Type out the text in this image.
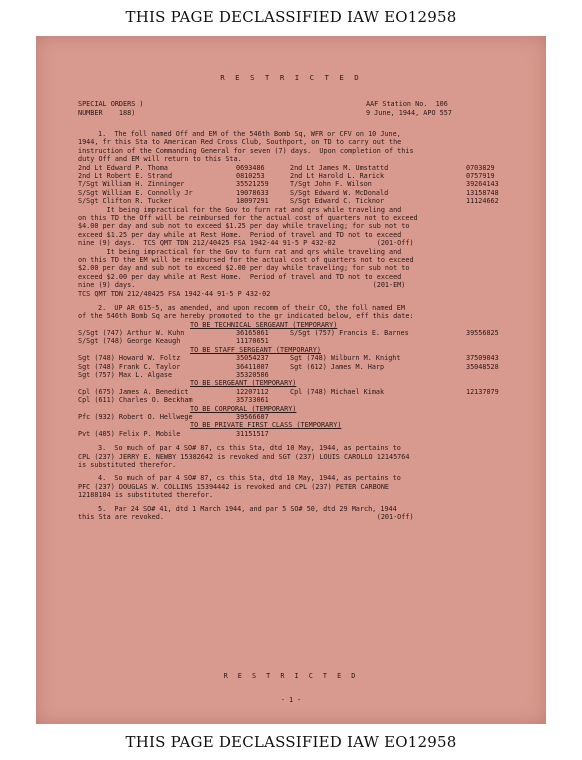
THIS PAGE DECLASSIFIED IAW EO12958
R E S T R I C T E D
SPECIAL ORDERS )
NUMBER    188)
AAF Station No.  106
9 June, 1944, APO 557
1.  The foll named Off and EM of the 546th Bomb Sq, WFR or CFV on 10 June,
1944, fr this Sta to American Red Cross Club, Southport, on TD to carry out the
instruction of the Commanding General for seven (7) days.  Upon completion of this
duty Off and EM will return to this Sta.
2nd Lt Edward P. Thoma	0693486	2nd Lt James M. Umstattd	0703829
2nd Lt Robert E. Strand	0810253	2nd Lt Harold L. Rarick	0757919
T/Sgt William H. Zinninger	35521259	T/Sgt John F. Wilson	39264143
S/Sgt William E. Connolly Jr	19078633	S/Sgt Edward W. McDonald	13158748
S/Sgt Clifton R. Tucker	18097291	S/Sgt Edward C. Ticknor	11124662
It being impractical for the Gov to furn rat and qrs while traveling and
on this TD the Off will be reimbursed for the actual cost of quarters not to exceed
$4.00 per day and sub not to exceed $1.25 per day while traveling; for sub not to
exceed $1.25 per day while at Rest Home.  Period of travel and TD not to exceed
nine (9) days.  TCS QMT TDN 212/40425 FSA 1942-44 91-5 P 432-02          (201-Off)
It being impractical for the Gov to furn rat and qrs while traveling and
on this TD the EM will be reimbursed for the actual cost of quarters not to exceed
$2.00 per day and sub not to exceed $2.00 per day while traveling; for sub not to
exceed $2.00 per day while at Rest Home.  Period of travel and TD not to exceed
nine (9) days.                                                          (201-EM)
TCS QMT TDN 212/40425 FSA 1942-44 91-5 P 432-02
2.  UP AR 615-5, as amended, and upon recomm of their CO, the foll named EM
of the 546th Bomb Sq are hereby promoted to the gr indicated below, eff this date:
TO BE TECHNICAL SERGEANT (TEMPORARY)
S/Sgt (747) Arthur W. Kuhn	36165861	S/Sgt (757) Francis E. Barnes	39556825
S/Sgt (748) George Keaugh	11170651
TO BE STAFF SERGEANT (TEMPORARY)
Sgt (748) Howard W. Foltz	35054237	Sgt (748) Wilburn M. Knight	37509043
Sgt (748) Frank C. Taylor	36411007	Sgt (612) James M. Harp	35048528
Sgt (757) Max L. Algase	35320506
TO BE SERGEANT (TEMPORARY)
Cpl (675) James A. Benedict	12207112	Cpl (748) Michael Kimak	12137079
Cpl (611) Charles O. Beckham	35733061
TO BE CORPORAL (TEMPORARY)
Pfc (932) Robert O. Hellwege	39566607
TO BE PRIVATE FIRST CLASS (TEMPORARY)
Pvt (405) Felix P. Mobile	31151517
3.  So much of par 4 SO# 87, cs this Sta, dtd 10 May, 1944, as pertains to
CPL (237) JERRY E. NEWBY 15382642 is revoked and SGT (237) LOUIS CAROLLO 12145764
is substituted therefor.
4.  So much of par 4 SO# 87, cs this Sta, dtd 10 May, 1944, as pertains to
PFC (237) DOUGLAS W. COLLINS 15394442 is revoked and CPL (237) PETER CARBONE
12188104 is substituted therefor.
5.  Par 24 SO# 41, dtd 1 March 1944, and par 5 SO# 50, dtd 29 March, 1944
this Sta are revoked.                                                    (201-Off)
R E S T R I C T E D
- 1 -
THIS PAGE DECLASSIFIED IAW EO12958
